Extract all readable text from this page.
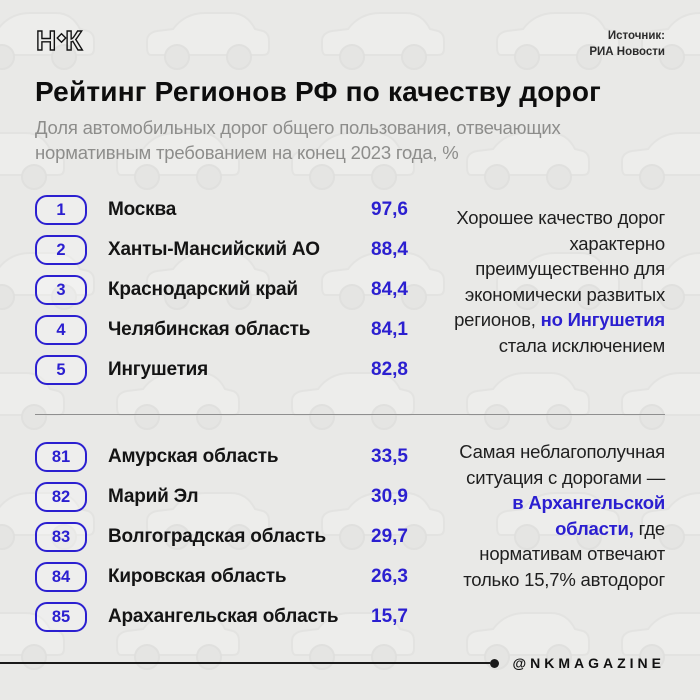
НК	Источник:
РИА Новости
Рейтинг Регионов РФ по качеству дорог

Доля автомобильных дорог общего пользования, отвечающих нормативным требованием на конец 2023 года, %

1	Москва	97,6
2	Ханты-Мансийский АО	88,4
3	Краснодарский край	84,4
4	Челябинская область	84,1
5	Ингушетия	82,8
Хорошее качество дорог характерно преимущественно для экономически развитых регионов, но Ингушетия стала исключением
81	Амурская область	33,5
82	Марий Эл	30,9
83	Волгоградская область 29,7
84	Кировская область	26,3
85	Арахангельская область 15,7
Самая неблагополучная ситуация с дорогами — в Архангельской области, где нормативам отвечают только 15,7% автодорог
@NKMAGAZINE
